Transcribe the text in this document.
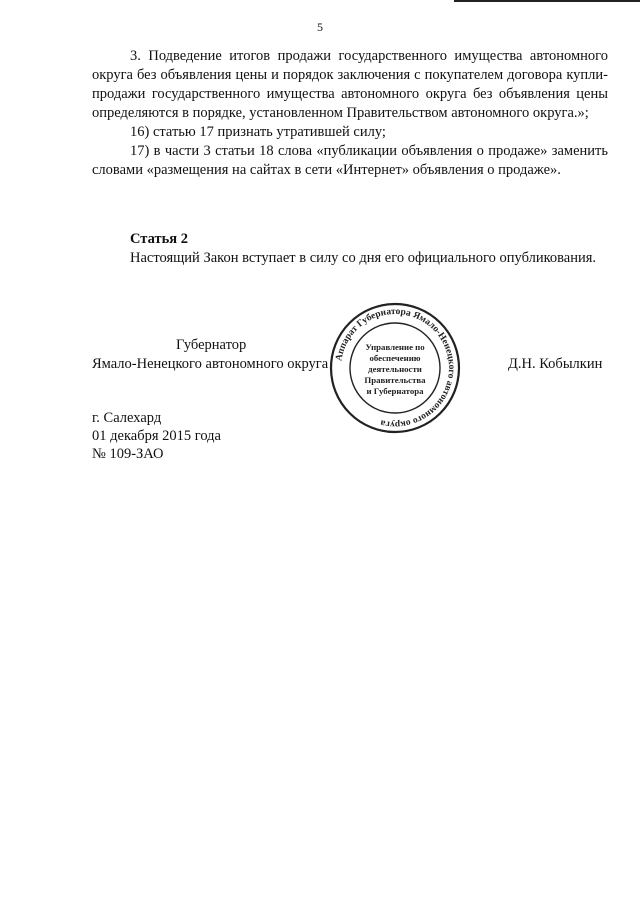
5

3. Подведение итогов продажи государственного имущества автономного округа без объявления цены и порядок заключения с покупателем договора купли-продажи государственного имущества автономного округа без объявления цены определяются в порядке, установленном Правительством автономного округа.»;

16) статью 17 признать утратившей силу;

17) в части 3 статьи 18 слова «публикации объявления о продаже» заменить словами «размещения на сайтах в сети «Интернет» объявления о продаже».

Статья 2

Настоящий Закон вступает в силу со дня его официального опубликования.

Губернатор
Ямало-Ненецкого автономного округа	Д.Н. Кобылкин
Аппарат Губернатора Ямало-Ненецкого автономного округа
Управление по
обеспечению
деятельности
Правительства
и Губернатора
г. Салехард
01 декабря 2015 года
№ 109-ЗАО
